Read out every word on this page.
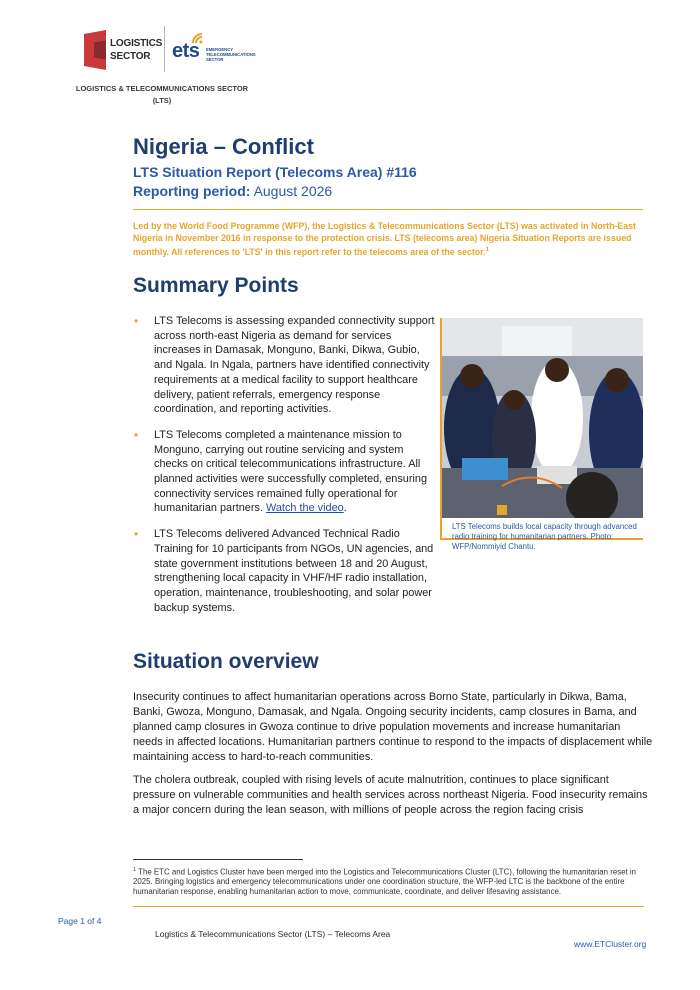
LOGISTICS
SECTOR	ets EMERGENCY
TELECOMMUNICATIONS
SECTOR
LOGISTICS & TELECOMMUNICATIONS SECTOR
(LTS)
Nigeria – Conflict
LTS Situation Report (Telecoms Area) #116
Reporting period: August 2026
Led by the World Food Programme (WFP), the Logistics & Telecommunications Sector (LTS) was activated in North-East Nigeria in November 2016 in response to the protection crisis. LTS (telecoms area) Nigeria Situation Reports are issued monthly. All references to 'LTS' in this report refer to the telecoms area of the sector.$^1$
Summary Points
• LTS Telecoms is assessing expanded connectivity support across north-east Nigeria as demand for services increases in Damasak, Monguno, Banki, Dikwa, Gubio, and Ngala. In Ngala, partners have identified connectivity requirements at a medical facility to support healthcare delivery, patient referrals, emergency response coordination, and reporting activities.
• LTS Telecoms completed a maintenance mission to Monguno, carrying out routine servicing and system checks on critical telecommunications infrastructure. All planned activities were successfully completed, ensuring connectivity services remained fully operational for humanitarian partners. Watch the video.
• LTS Telecoms delivered Advanced Technical Radio Training for 10 participants from NGOs, UN agencies, and state government institutions between 18 and 20 August, strengthening local capacity in VHF/HF radio installation, operation, maintenance, troubleshooting, and solar power backup systems.
LTS Telecoms builds local capacity through advanced radio training for humanitarian partners. Photo: WFP/Nommiyid Chantu.
Situation overview

Insecurity continues to affect humanitarian operations across Borno State, particularly in Dikwa, Bama, Banki, Gwoza, Monguno, Damasak, and Ngala. Ongoing security incidents, camp closures in Bama, and planned camp closures in Gwoza continue to drive population movements and increase humanitarian needs in affected locations. Humanitarian partners continue to respond to the impacts of displacement while maintaining access to hard-to-reach communities.

The cholera outbreak, coupled with rising levels of acute malnutrition, continues to place significant pressure on vulnerable communities and health services across northeast Nigeria. Food insecurity remains a major concern during the lean season, with millions of people across the region facing crisis

$^1$ The ETC and Logistics Cluster have been merged into the Logistics and Telecommunications Cluster (LTC), following the humanitarian reset in 2025. Bringing logistics and emergency telecommunications under one coordination structure, the WFP-led LTC is the backbone of the entire humanitarian response, enabling humanitarian action to move, communicate, coordinate, and deliver lifesaving assistance.
Page 1 of 4
Logistics & Telecommunications Sector (LTS) – Telecoms Area
www.ETCluster.org
